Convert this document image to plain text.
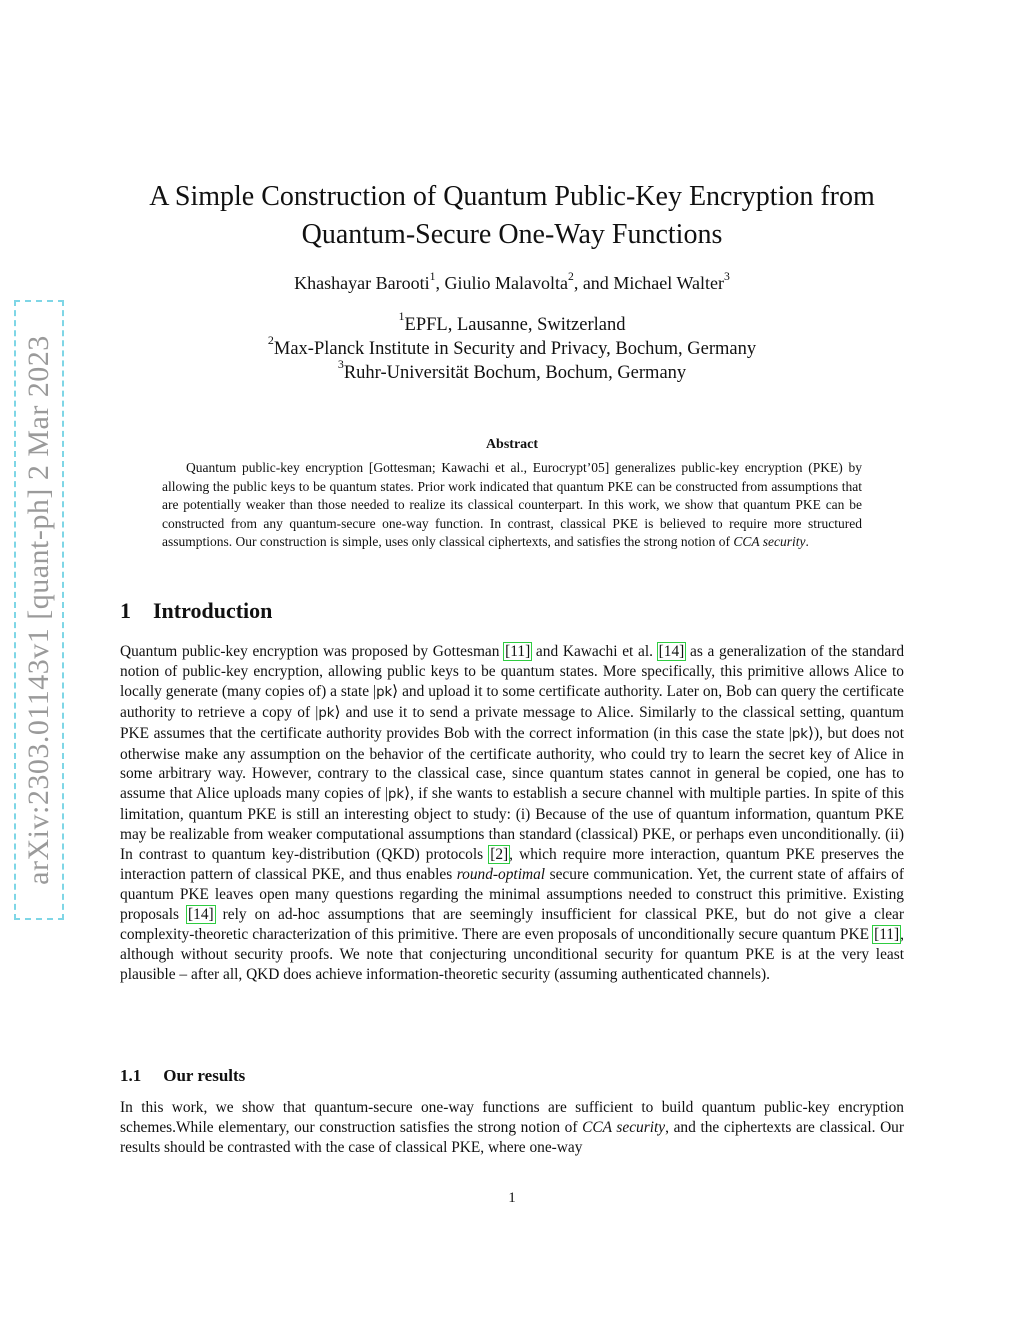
arXiv:2303.01143v1 [quant-ph] 2 Mar 2023
A Simple Construction of Quantum Public-Key Encryption from
Quantum-Secure One-Way Functions
Khashayar Barooti$^1$, Giulio Malavolta$^2$, and Michael Walter$^3$
$^1$EPFL, Lausanne, Switzerland
$^2$Max-Planck Institute in Security and Privacy, Bochum, Germany
$^3$Ruhr-Universität Bochum, Bochum, Germany
Abstract

Quantum public-key encryption [Gottesman; Kawachi et al., Eurocrypt’05] generalizes public-key encryption (PKE) by allowing the public keys to be quantum states. Prior work indicated that quantum PKE can be constructed from assumptions that are potentially weaker than those needed to realize its classical counterpart. In this work, we show that quantum PKE can be constructed from any quantum-secure one-way function. In contrast, classical PKE is believed to require more structured assumptions. Our construction is simple, uses only classical ciphertexts, and satisfies the strong notion of CCA security.

1 Introduction

Quantum public-key encryption was proposed by Gottesman [11] and Kawachi et al. [14] as a generalization of the standard notion of public-key encryption, allowing public keys to be quantum states. More specifically, this primitive allows Alice to locally generate (many copies of) a state |pk⟩ and upload it to some certificate authority. Later on, Bob can query the certificate authority to retrieve a copy of |pk⟩ and use it to send a private message to Alice. Similarly to the classical setting, quantum PKE assumes that the certificate authority provides Bob with the correct information (in this case the state |pk⟩), but does not otherwise make any assumption on the behavior of the certificate authority, who could try to learn the secret key of Alice in some arbitrary way. However, contrary to the classical case, since quantum states cannot in general be copied, one has to assume that Alice uploads many copies of |pk⟩, if she wants to establish a secure channel with multiple parties. In spite of this limitation, quantum PKE is still an interesting object to study: (i) Because of the use of quantum information, quantum PKE may be realizable from weaker computational assumptions than standard (classical) PKE, or perhaps even unconditionally. (ii) In contrast to quantum key-distribution (QKD) protocols [2], which require more interaction, quantum PKE preserves the interaction pattern of classical PKE, and thus enables round-optimal secure communication. Yet, the current state of affairs of quantum PKE leaves open many questions regarding the minimal assumptions needed to construct this primitive. Existing proposals [14] rely on ad-hoc assumptions that are seemingly insufficient for classical PKE, but do not give a clear complexity-theoretic characterization of this primitive. There are even proposals of unconditionally secure quantum PKE [11], although without security proofs. We note that conjecturing unconditional security for quantum PKE is at the very least plausible – after all, QKD does achieve information-theoretic security (assuming authenticated channels).

1.1 Our results

In this work, we show that quantum-secure one-way functions are sufficient to build quantum public-key encryption schemes.While elementary, our construction satisfies the strong notion of CCA security, and the ciphertexts are classical. Our results should be contrasted with the case of classical PKE, where one-way

1
